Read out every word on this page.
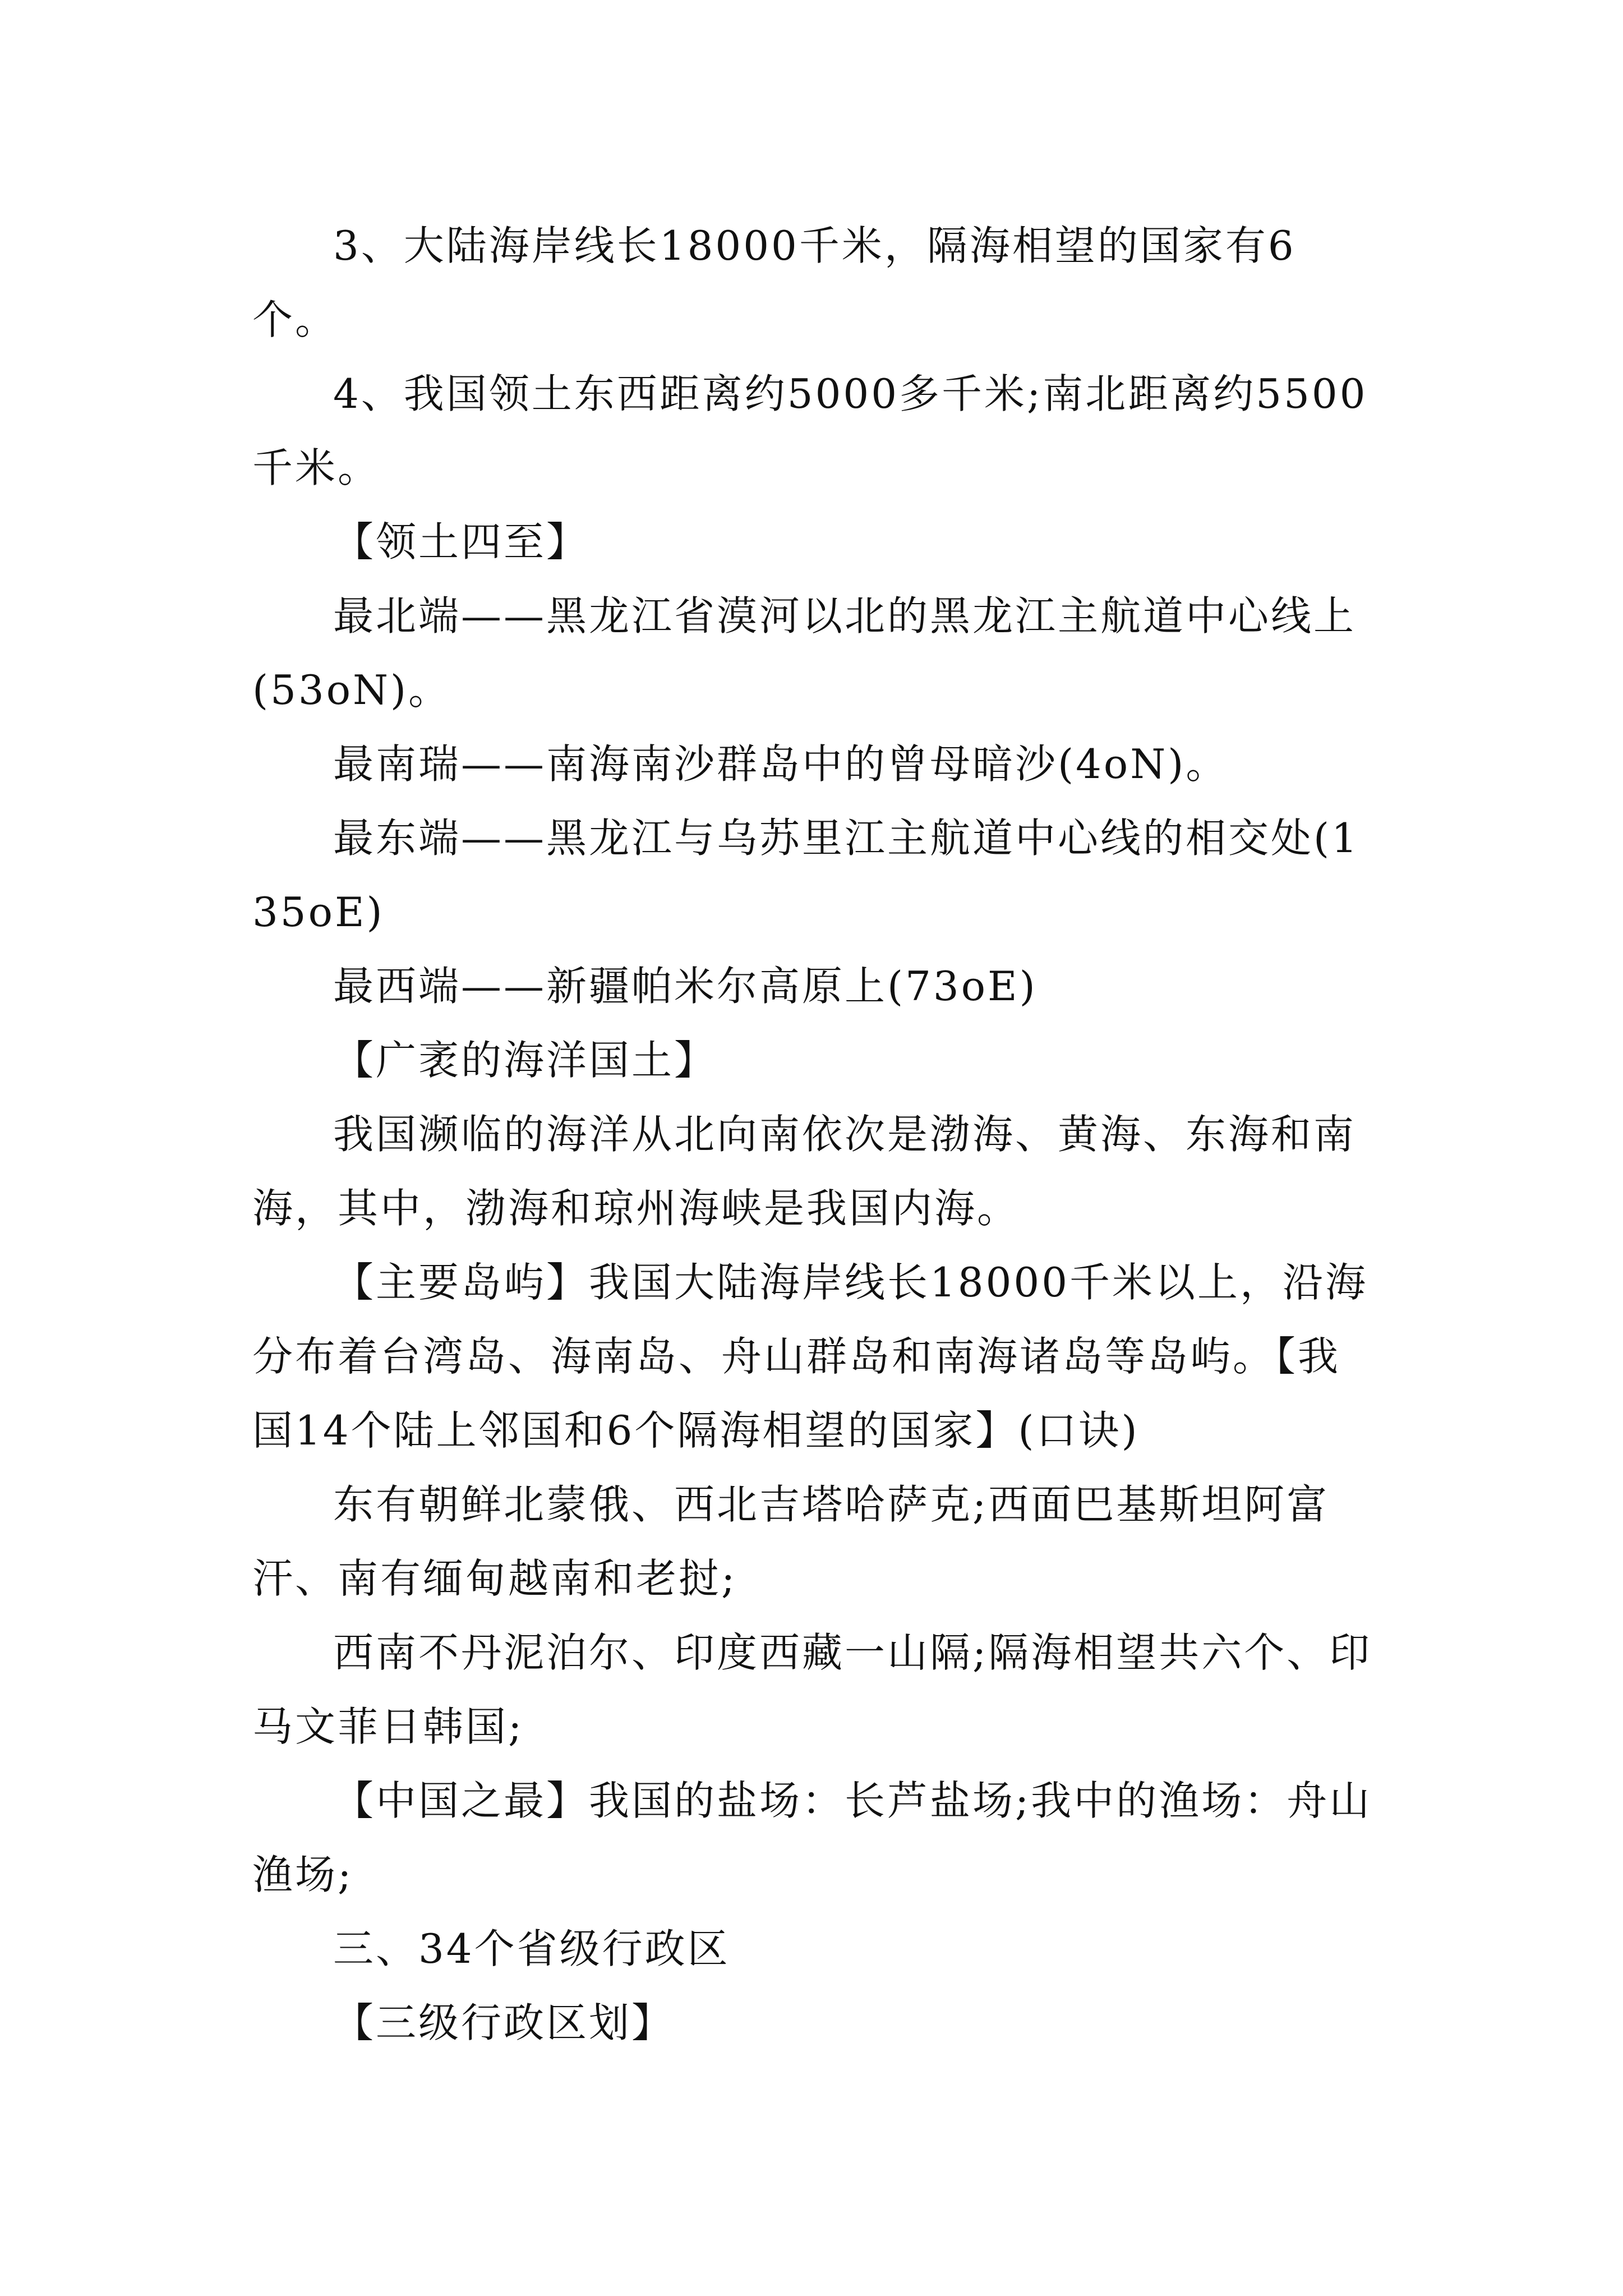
3、大陆海岸线长18000千米，隔海相望的国家有6个。

4、我国领土东西距离约5000多千米;南北距离约5500千米。

【领土四至】

最北端——黑龙江省漠河以北的黑龙江主航道中心线上(53oN)。

最南瑞——南海南沙群岛中的曾母暗沙(4oN)。

最东端——黑龙江与乌苏里江主航道中心线的相交处(135oE)

最西端——新疆帕米尔高原上(73oE)

【广袤的海洋国土】

我国濒临的海洋从北向南依次是渤海、黄海、东海和南海，其中，渤海和琼州海峡是我国内海。

【主要岛屿】我国大陆海岸线长18000千米以上，沿海分布着台湾岛、海南岛、舟山群岛和南海诸岛等岛屿。【我国14个陆上邻国和6个隔海相望的国家】(口诀)

东有朝鲜北蒙俄、西北吉塔哈萨克;西面巴基斯坦阿富汗、南有缅甸越南和老挝;

西南不丹泥泊尔、印度西藏一山隔;隔海相望共六个、印马文菲日韩国;

【中国之最】我国的盐场：长芦盐场;我中的渔场：舟山渔场;

三、34个省级行政区

【三级行政区划】
